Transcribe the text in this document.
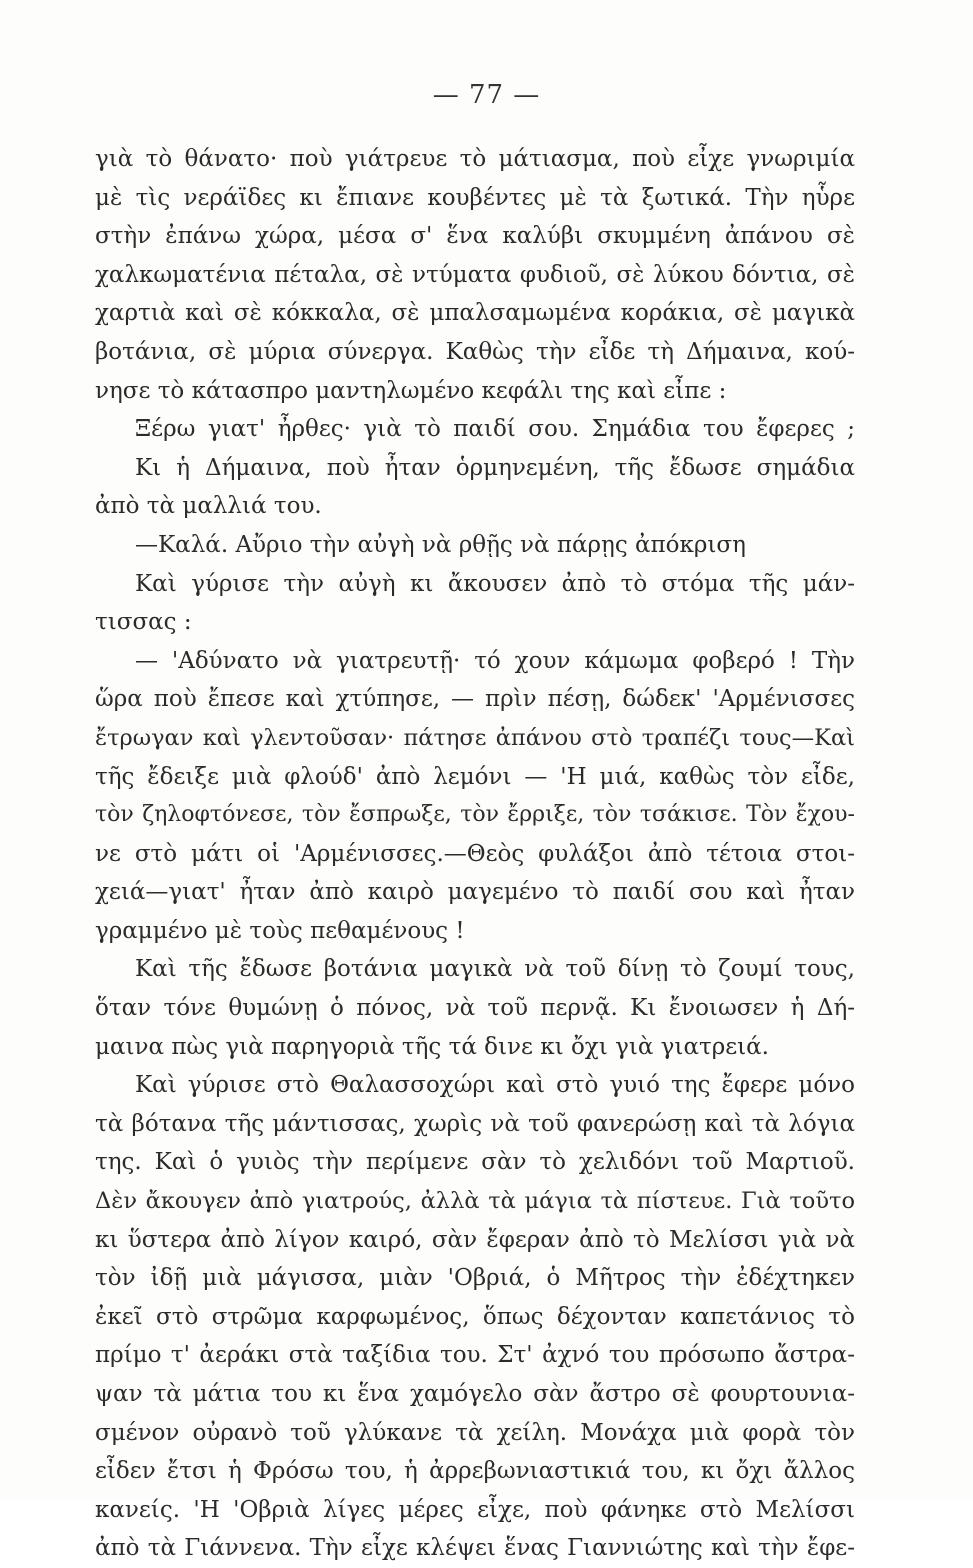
— 77 —
γιὰ τὸ θάνατο· ποὺ γιάτρευε τὸ μάτιασμα, ποὺ εἶχε γνωριμία
μὲ τὶς νεράϊδες κι ἔπιανε κουβέντες μὲ τὰ ξωτικά. Τὴν ηὗρε
στὴν ἐπάνω χώρα, μέσα σ' ἕνα καλύβι σκυμμένη ἀπάνου σὲ
χαλκωματένια πέταλα, σὲ ντύματα φυδιοῦ, σὲ λύκου δόντια, σὲ
χαρτιὰ καὶ σὲ κόκκαλα, σὲ μπαλσαμωμένα κοράκια, σὲ μαγικὰ
βοτάνια, σὲ μύρια σύνεργα. Καθὼς τὴν εἶδε τὴ Δήμαινα, κού-
νησε τὸ κάτασπρο μαντηλωμένο κεφάλι της καὶ εἶπε :
Ξέρω γιατ' ἦρθες· γιὰ τὸ παιδί σου. Σημάδια του ἔφερες ;
Κι ἡ Δήμαινα, ποὺ ἦταν ὁρμηνεμένη, τῆς ἔδωσε σημάδια
ἀπὸ τὰ μαλλιά του.
—Καλά. Αὔριο τὴν αὐγὴ νὰ ρθῇς νὰ πάρῃς ἀπόκριση
Καὶ γύρισε τὴν αὐγὴ κι ἄκουσεν ἀπὸ τὸ στόμα τῆς μάν-
τισσας :
— 'Αδύνατο νὰ γιατρευτῇ· τό χουν κάμωμα φοβερό ! Τὴν
ὥρα ποὺ ἔπεσε καὶ χτύπησε, — πρὶν πέσῃ, δώδεκ' 'Αρμένισσες
ἔτρωγαν καὶ γλεντοῦσαν· πάτησε ἀπάνου στὸ τραπέζι τους—Καὶ
τῆς ἔδειξε μιὰ φλούδ' ἀπὸ λεμόνι — 'Η μιά, καθὼς τὸν εἶδε,
τὸν ζηλοφτόνεσε, τὸν ἔσπρωξε, τὸν ἔρριξε, τὸν τσάκισε. Τὸν ἔχου-
νε στὸ μάτι οἱ 'Αρμένισσες.—Θεὸς φυλάξοι ἀπὸ τέτοια στοι-
χειά—γιατ' ἦταν ἀπὸ καιρὸ μαγεμένο τὸ παιδί σου καὶ ἦταν
γραμμένο μὲ τοὺς πεθαμένους !
Καὶ τῆς ἔδωσε βοτάνια μαγικὰ νὰ τοῦ δίνῃ τὸ ζουμί τους,
ὅταν τόνε θυμώνῃ ὁ πόνος, νὰ τοῦ περνᾷ. Κι ἔνοιωσεν ἡ Δή-
μαινα πὼς γιὰ παρηγοριὰ τῆς τά δινε κι ὄχι γιὰ γιατρειά.
Καὶ γύρισε στὸ Θαλασσοχώρι καὶ στὸ γυιό της ἔφερε μόνο
τὰ βότανα τῆς μάντισσας, χωρὶς νὰ τοῦ φανερώσῃ καὶ τὰ λόγια
της. Καὶ ὁ γυιὸς τὴν περίμενε σὰν τὸ χελιδόνι τοῦ Μαρτιοῦ.
Δὲν ἄκουγεν ἀπὸ γιατρούς, ἀλλὰ τὰ μάγια τὰ πίστευε. Γιὰ τοῦτο
κι ὕστερα ἀπὸ λίγον καιρό, σὰν ἔφεραν ἀπὸ τὸ Μελίσσι γιὰ νὰ
τὸν ἰδῇ μιὰ μάγισσα, μιὰν 'Οβριά, ὁ Μῆτρος τὴν ἐδέχτηκεν
ἐκεῖ στὸ στρῶμα καρφωμένος, ὅπως δέχονταν καπετάνιος τὸ
πρίμο τ' ἀεράκι στὰ ταξίδια του. Στ' ἀχνό του πρόσωπο ἄστρα-
ψαν τὰ μάτια του κι ἕνα χαμόγελο σὰν ἄστρο σὲ φουρτουνια-
σμένον οὐρανὸ τοῦ γλύκανε τὰ χείλη. Μονάχα μιὰ φορὰ τὸν
εἶδεν ἔτσι ἡ Φρόσω του, ἡ ἀρρεβωνιαστικιά του, κι ὄχι ἄλλος
κανείς. 'Η 'Οβριὰ λίγες μέρες εἶχε, ποὺ φάνηκε στὸ Μελίσσι
ἀπὸ τὰ Γιάννενα. Τὴν εἶχε κλέψει ἕνας Γιαννιώτης καὶ τὴν ἔφε-
